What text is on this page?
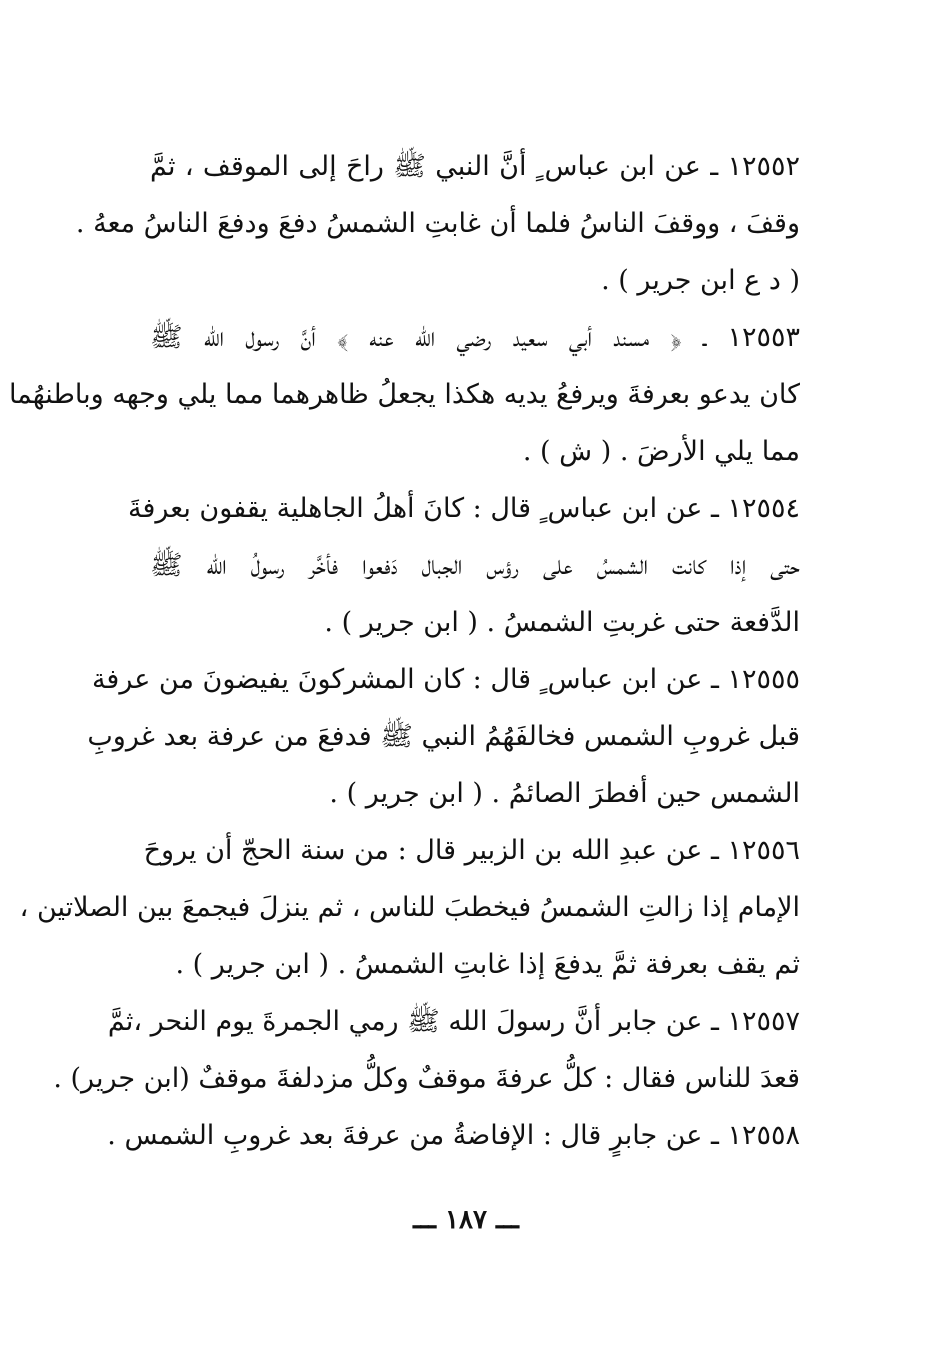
١٢٥٥٢ ـ عن ابن عباس ٍ أنَّ النبي ﷺ راحَ إلى الموقف ، ثمَّ
وقفَ ، ووقفَ الناسُ فلما أن غابتِ الشمسُ دفعَ ودفعَ الناسُ معهُ .
( د ع ابن جرير ) .
١٢٥٥٣ ـ ﴿ مسند أبي سعيد رضي الله عنه ﴾ أنَّ رسول الله ﷺ
كان يدعو بعرفةَ ويرفعُ يديه هكذا يجعلُ ظاهرهما مما يلي وجهه وباطنهُما
مما يلي الأرضَ . ( ش ) .
١٢٥٥٤ ـ عن ابن عباس ٍ قال : كانَ أهلُ الجاهلية يقفون بعرفةَ
حتى إذا كانت الشمسُ على رؤس الجبال دَفعوا فأخَّر رسولُ الله ﷺ
الدَّفعة حتى غربتِ الشمسُ . ( ابن جرير ) .
١٢٥٥٥ ـ عن ابن عباس ٍ قال : كان المشركونَ يفيضونَ من عرفة
قبل غروبِ الشمس فخالفَهُمُ النبي ﷺ فدفعَ من عرفة بعد غروبِ
الشمس حين أفطرَ الصائمُ . ( ابن جرير ) .
١٢٥٥٦ ـ عن عبدِ الله بن الزبير قال : من سنة الحجّ أن يروحَ
الإمام إذا زالتِ الشمسُ فيخطبَ للناس ، ثم ينزلَ فيجمعَ بين الصلاتين ،
ثم يقف بعرفة ثمَّ يدفعَ إذا غابتِ الشمسُ . ( ابن جرير ) .
١٢٥٥٧ ـ عن جابر أنَّ رسولَ الله ﷺ رمي الجمرةَ يوم النحر ،ثمَّ
قعدَ للناس فقال : كلُّ عرفةَ موقفٌ وكلُّ مزدلفةَ موقفٌ (ابن جرير) .
١٢٥٥٨ ـ عن جابرٍ قال : الإفاضةُ من عرفةَ بعد غروبِ الشمس .
ـــ ١٨٧ ـــ
